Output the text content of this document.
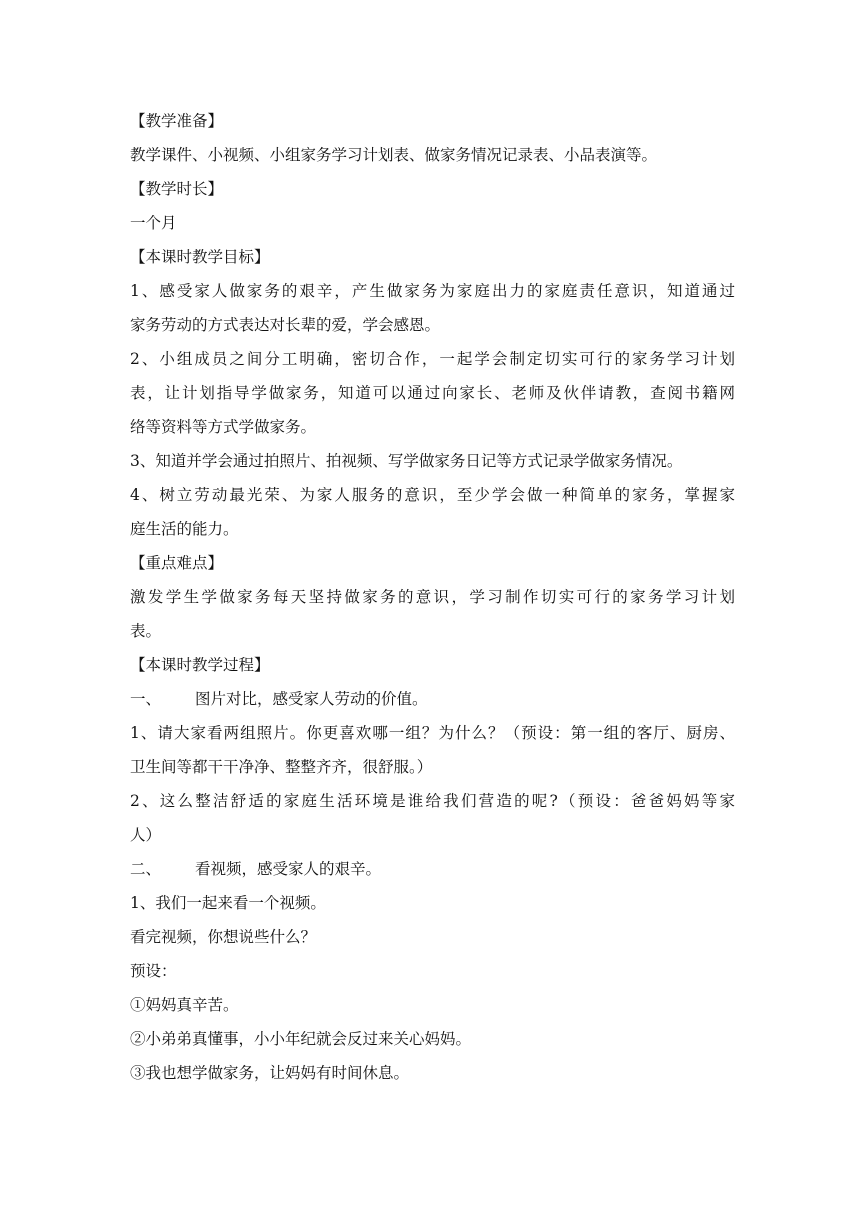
【教学准备】
教学课件、小视频、小组家务学习计划表、做家务情况记录表、小品表演等。
【教学时长】
一个月
【本课时教学目标】
1、感受家人做家务的艰辛，产生做家务为家庭出力的家庭责任意识，知道通过
家务劳动的方式表达对长辈的爱，学会感恩。
2、小组成员之间分工明确，密切合作，一起学会制定切实可行的家务学习计划
表，让计划指导学做家务，知道可以通过向家长、老师及伙伴请教，查阅书籍网
络等资料等方式学做家务。
3、知道并学会通过拍照片、拍视频、写学做家务日记等方式记录学做家务情况。
4、树立劳动最光荣、为家人服务的意识，至少学会做一种简单的家务，掌握家
庭生活的能力。
【重点难点】
激发学生学做家务每天坚持做家务的意识，学习制作切实可行的家务学习计划
表。
【本课时教学过程】
一、 图片对比，感受家人劳动的价值。
1、请大家看两组照片。你更喜欢哪一组？为什么？（预设：第一组的客厅、厨房、
卫生间等都干干净净、整整齐齐，很舒服。）
2、这么整洁舒适的家庭生活环境是谁给我们营造的呢?（预设：爸爸妈妈等家
人）
二、 看视频，感受家人的艰辛。
1、我们一起来看一个视频。
看完视频，你想说些什么？
预设：
①妈妈真辛苦。
②小弟弟真懂事，小小年纪就会反过来关心妈妈。
③我也想学做家务，让妈妈有时间休息。
